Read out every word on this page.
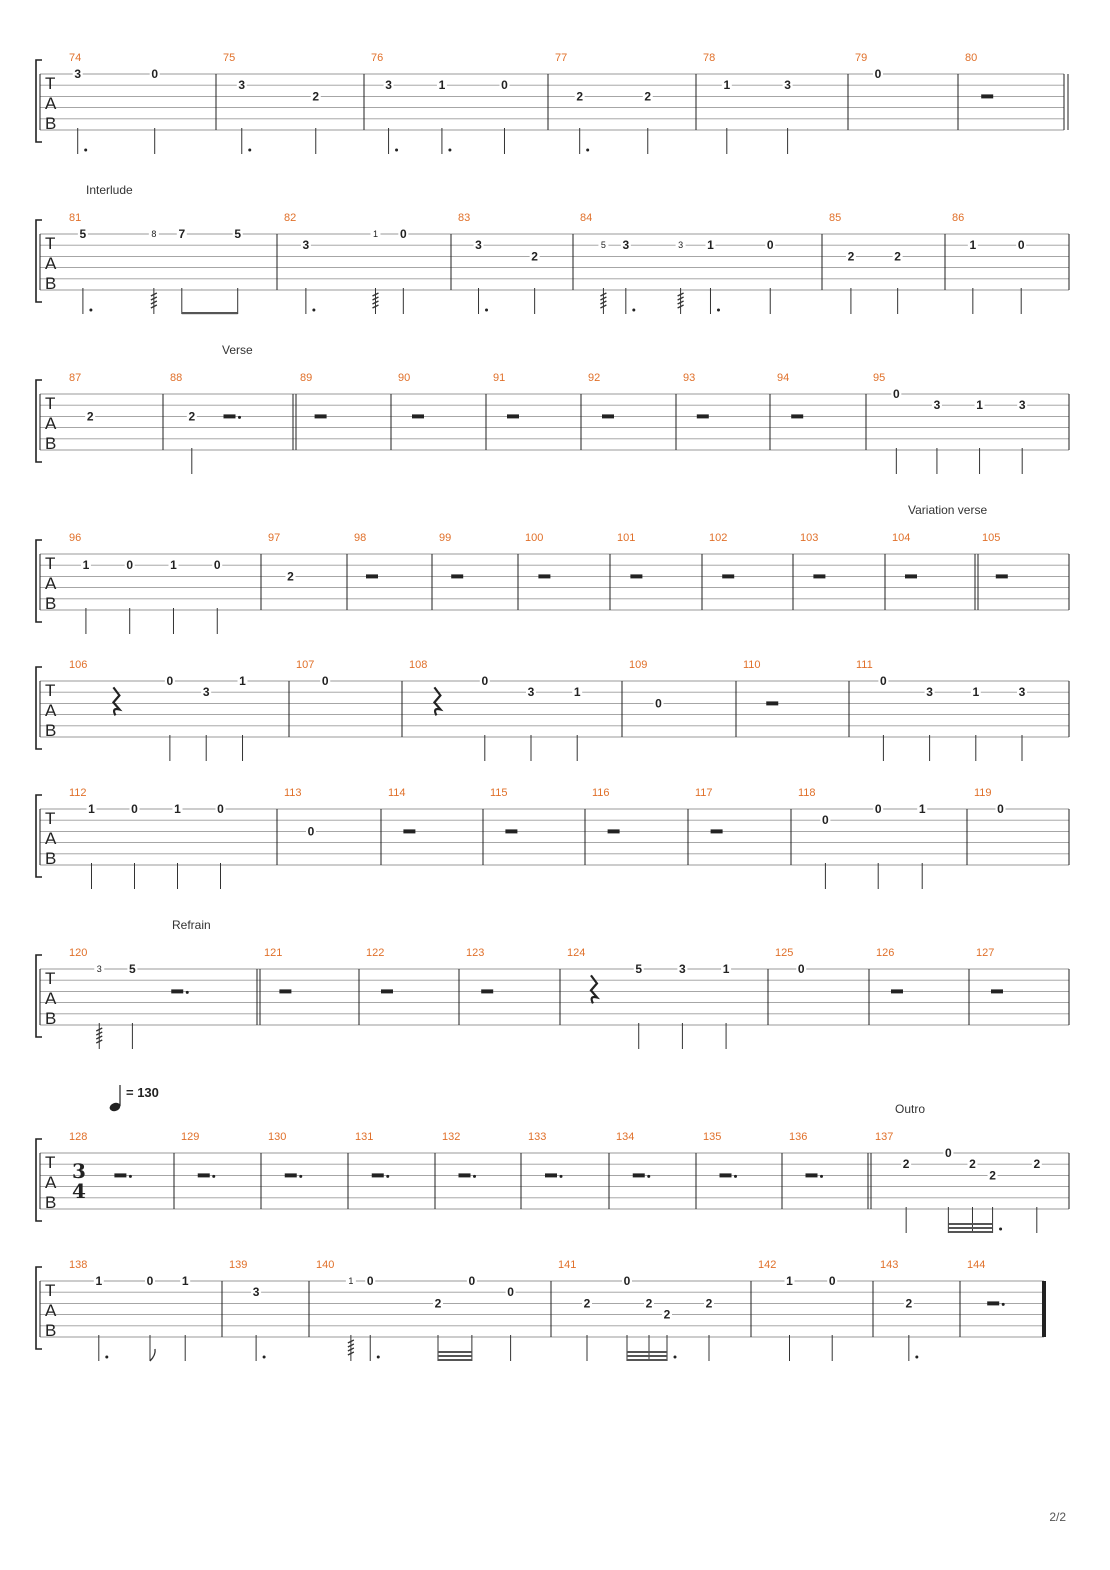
= 130
T
A
B
74
3	0
75
3
2
76
3	1	0
77
2	2
78
1	3
79
0
80
Interlude
T
A
B
81
5	8 7	5
82
3
1 0
83
3
2
84
5 3	3 1	0
85
2	2
86
1	0
Verse
T
A
B
87
2
88
2
89	90	91	92	93	94	95
0
3	1	3
Variation verse
T
A
B
96
1	0	1	0
97
2
98	99	100	101	102	103	104	105
T
A
B
106
0
3
1
107
0
108
0
3	1
109
0
110	111
0
3	1	3
T
A
B
112
1	0	1	0
113
0
114	115	116	117	118
0
0	1
119
0
Refrain
T
A
B
120
3 5
121	122	123	124
5	3	1
125
0
126	127
Outro
T
A
B
3
4
128	129	130	131	132	133	134	135	136	137
2
0
2
2
2
T
A
B
138
1	0 1
139
3
140
1 0
2
0
0
141
2
0
2
2
2
142
1	0
143
2
144
2/2
